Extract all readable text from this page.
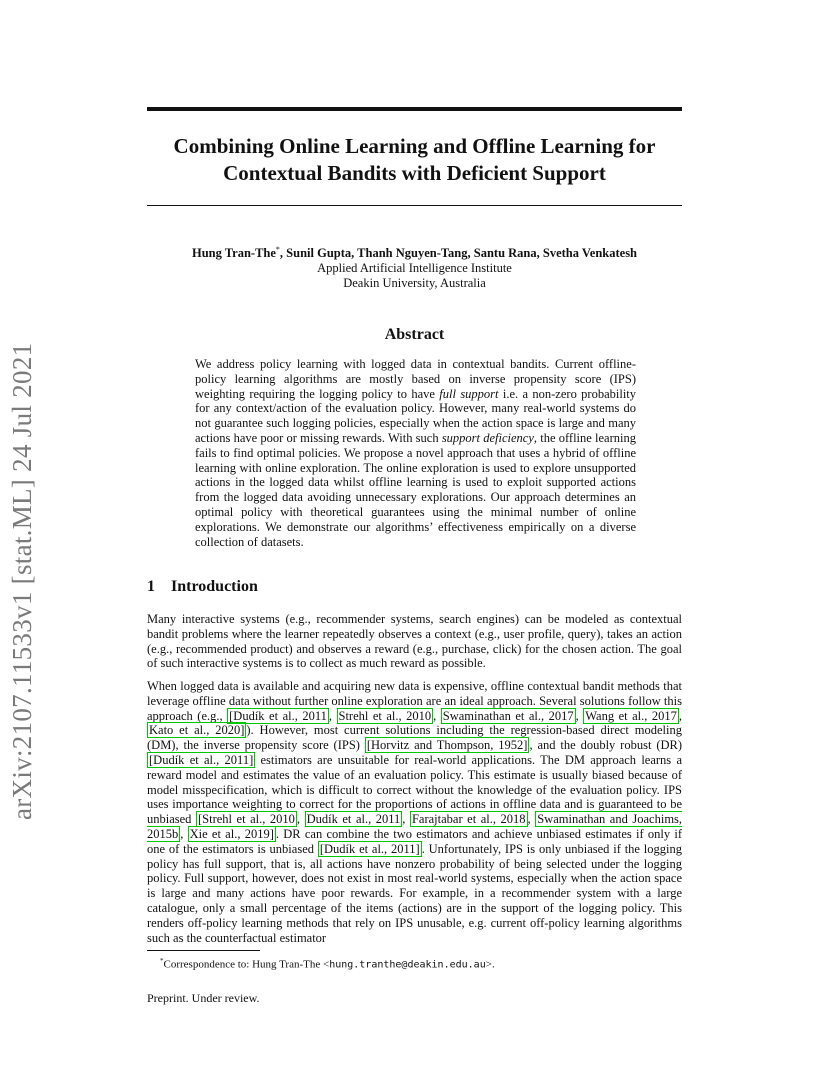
arXiv:2107.11533v1 [stat.ML] 24 Jul 2021
Combining Online Learning and Offline Learning for
Contextual Bandits with Deficient Support
Hung Tran-The*, Sunil Gupta, Thanh Nguyen-Tang, Santu Rana, Svetha Venkatesh
Applied Artificial Intelligence Institute
Deakin University, Australia
Abstract
We address policy learning with logged data in contextual bandits. Current offline-policy learning algorithms are mostly based on inverse propensity score (IPS) weighting requiring the logging policy to have full support i.e. a non-zero probability for any context/action of the evaluation policy. However, many real-world systems do not guarantee such logging policies, especially when the action space is large and many actions have poor or missing rewards. With such support deficiency, the offline learning fails to find optimal policies. We propose a novel approach that uses a hybrid of offline learning with online exploration. The online exploration is used to explore unsupported actions in the logged data whilst offline learning is used to exploit supported actions from the logged data avoiding unnecessary explorations. Our approach determines an optimal policy with theoretical guarantees using the minimal number of online explorations. We demonstrate our algorithms’ effectiveness empirically on a diverse collection of datasets.
1 Introduction
Many interactive systems (e.g., recommender systems, search engines) can be modeled as contextual bandit problems where the learner repeatedly observes a context (e.g., user profile, query), takes an action (e.g., recommended product) and observes a reward (e.g., purchase, click) for the chosen action. The goal of such interactive systems is to collect as much reward as possible.
When logged data is available and acquiring new data is expensive, offline contextual bandit methods that leverage offline data without further online exploration are an ideal approach. Several solutions follow this approach (e.g., [Dudík et al., 2011 , Strehl et al., 2010 , Swaminathan et al., 2017 , Wang et al., 2017 , Kato et al., 2020] ). However, most current solutions including the regression-based direct modeling (DM), the inverse propensity score (IPS) [Horvitz and Thompson, 1952] , and the doubly robust (DR) [Dudík et al., 2011] estimators are unsuitable for real-world applications. The DM approach learns a reward model and estimates the value of an evaluation policy. This estimate is usually biased because of model misspecification, which is difficult to correct without the knowledge of the evaluation policy. IPS uses importance weighting to correct for the proportions of actions in offline data and is guaranteed to be unbiased [Strehl et al., 2010 , Dudík et al., 2011 , Farajtabar et al., 2018 , Swaminathan and Joachims, 2015b , Xie et al., 2019] . DR can combine the two estimators and achieve unbiased estimates if only if one of the estimators is unbiased [Dudík et al., 2011] . Unfortunately, IPS is only unbiased if the logging policy has full support, that is, all actions have nonzero probability of being selected under the logging policy. Full support, however, does not exist in most real-world systems, especially when the action space is large and many actions have poor rewards. For example, in a recommender system with a large catalogue, only a small percentage of the items (actions) are in the support of the logging policy. This renders off-policy learning methods that rely on IPS unusable, e.g. current off-policy learning algorithms such as the counterfactual estimator
*Correspondence to: Hung Tran-The <hung.tranthe@deakin.edu.au>.
Preprint. Under review.
